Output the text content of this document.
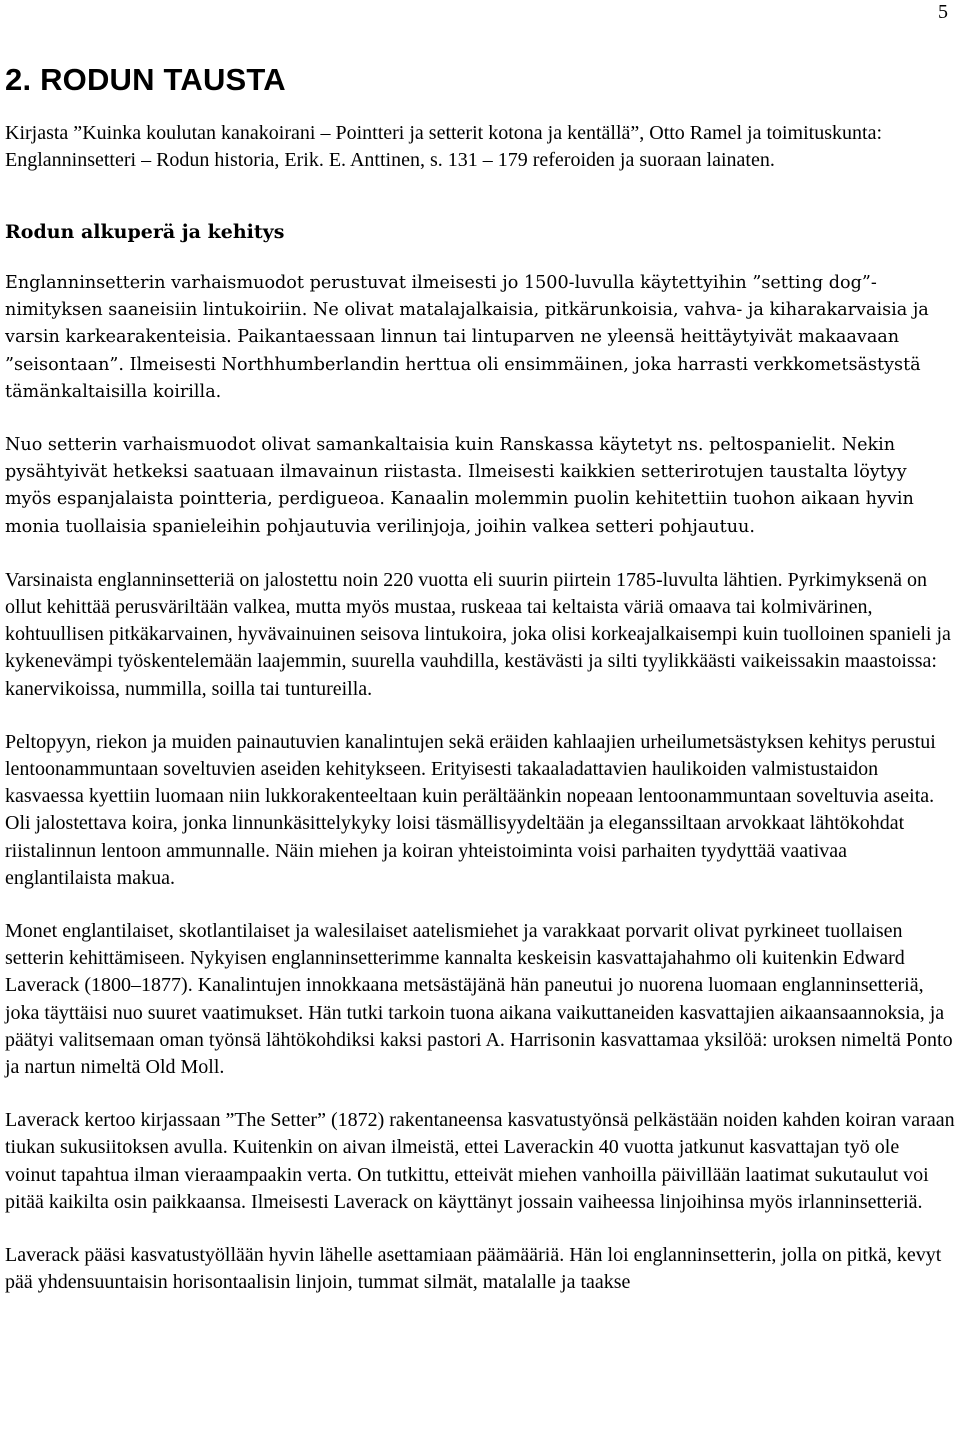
5
2. RODUN TAUSTA

Kirjasta ”Kuinka koulutan kanakoirani – Pointteri ja setterit kotona ja kentällä”, Otto Ramel ja toimituskunta: Englanninsetteri – Rodun historia, Erik. E. Anttinen, s. 131 – 179 referoiden ja suoraan lainaten.

Rodun alkuperä ja kehitys

Englanninsetterin varhaismuodot perustuvat ilmeisesti jo 1500-luvulla käytettyihin ”setting dog”-nimityksen saaneisiin lintukoiriin. Ne olivat matalajalkaisia, pitkärunkoisia, vahva- ja kiharakarvaisia ja varsin karkearakenteisia. Paikantaessaan linnun tai lintuparven ne yleensä heittäytyivät makaavaan ”seisontaan”. Ilmeisesti Northhumberlandin herttua oli ensimmäinen, joka harrasti verkkometsästystä tämänkaltaisilla koirilla.

Nuo setterin varhaismuodot olivat samankaltaisia kuin Ranskassa käytetyt ns. peltospanielit. Nekin pysähtyivät hetkeksi saatuaan ilmavainun riistasta. Ilmeisesti kaikkien setterirotujen taustalta löytyy myös espanjalaista pointteria, perdigueoa. Kanaalin molemmin puolin kehitettiin tuohon aikaan hyvin monia tuollaisia spanieleihin pohjautuvia verilinjoja, joihin valkea setteri pohjautuu.

Varsinaista englanninsetteriä on jalostettu noin 220 vuotta eli suurin piirtein 1785-luvulta lähtien. Pyrkimyksenä on ollut kehittää perusväriltään valkea, mutta myös mustaa, ruskeaa tai keltaista väriä omaava tai kolmivärinen, kohtuullisen pitkäkarvainen, hyvävainuinen seisova lintukoira, joka olisi korkeajalkaisempi kuin tuolloinen spanieli ja kykenevämpi työskentelemään laajemmin, suurella vauhdilla, kestävästi ja silti tyylikkäästi vaikeissakin maastoissa: kanervikoissa, nummilla, soilla tai tuntureilla.

Peltopyyn, riekon ja muiden painautuvien kanalintujen sekä eräiden kahlaajien urheilumetsästyksen kehitys perustui lentoonammuntaan soveltuvien aseiden kehitykseen. Erityisesti takaaladattavien haulikoiden valmistustaidon kasvaessa kyettiin luomaan niin lukkorakenteeltaan kuin perältäänkin nopeaan lentoonammuntaan soveltuvia aseita. Oli jalostettava koira, jonka linnunkäsittelykyky loisi täsmällisyydeltään ja eleganssiltaan arvokkaat lähtökohdat riistalinnun lentoon ammunnalle. Näin miehen ja koiran yhteistoiminta voisi parhaiten tyydyttää vaativaa englantilaista makua.

Monet englantilaiset, skotlantilaiset ja walesilaiset aatelismiehet ja varakkaat porvarit olivat pyrkineet tuollaisen setterin kehittämiseen. Nykyisen englanninsetterimme kannalta keskeisin kasvattajahahmo oli kuitenkin Edward Laverack (1800–1877). Kanalintujen innokkaana metsästäjänä hän paneutui jo nuorena luomaan englanninsetteriä, joka täyttäisi nuo suuret vaatimukset. Hän tutki tarkoin tuona aikana vaikuttaneiden kasvattajien aikaansaannoksia, ja päätyi valitsemaan oman työnsä lähtökohdiksi kaksi pastori A. Harrisonin kasvattamaa yksilöä: uroksen nimeltä Ponto ja nartun nimeltä Old Moll.

Laverack kertoo kirjassaan ”The Setter” (1872) rakentaneensa kasvatustyönsä pelkästään noiden kahden koiran varaan tiukan sukusiitoksen avulla. Kuitenkin on aivan ilmeistä, ettei Laverackin 40 vuotta jatkunut kasvattajan työ ole voinut tapahtua ilman vieraampaakin verta. On tutkittu, etteivät miehen vanhoilla päivillään laatimat sukutaulut voi pitää kaikilta osin paikkaansa. Ilmeisesti Laverack on käyttänyt jossain vaiheessa linjoihinsa myös irlanninsetteriä.

Laverack pääsi kasvatustyöllään hyvin lähelle asettamiaan päämääriä. Hän loi englanninsetterin, jolla on pitkä, kevyt pää yhdensuuntaisin horisontaalisin linjoin, tummat silmät, matalalle ja taakse
